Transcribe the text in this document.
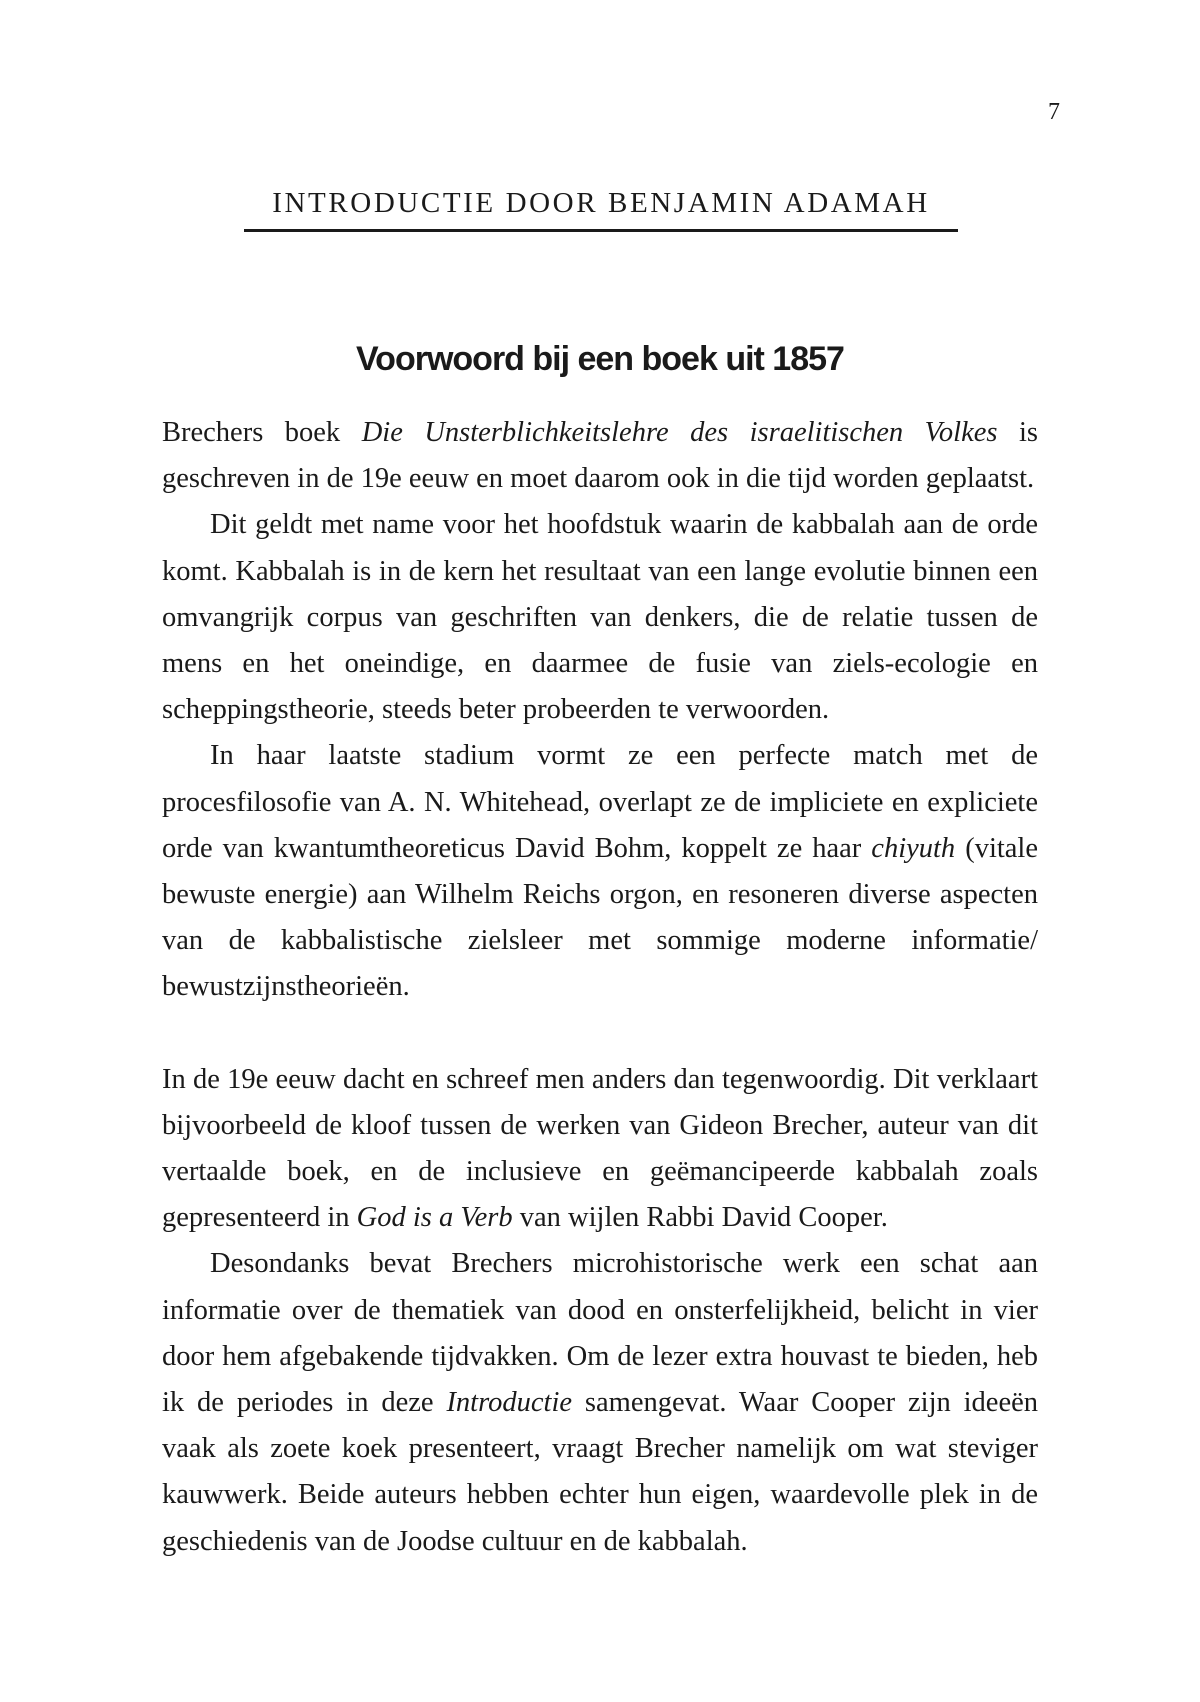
7
INTRODUCTIE DOOR BENJAMIN ADAMAH
Voorwoord bij een boek uit 1857

Brechers boek Die Unsterblichkeitslehre des israelitischen Volkes is geschreven in de 19e eeuw en moet daarom ook in die tijd worden geplaatst.

Dit geldt met name voor het hoofdstuk waarin de kabbalah aan de orde komt. Kabbalah is in de kern het resultaat van een lange evolutie binnen een omvangrijk corpus van geschriften van denkers, die de relatie tussen de mens en het oneindige, en daarmee de fusie van ziels-ecologie en scheppingstheorie, steeds beter probeerden te verwoorden.

In haar laatste stadium vormt ze een perfecte match met de procesfilosofie van A. N. Whitehead, overlapt ze de impliciete en expliciete orde van kwantumtheoreticus David Bohm, koppelt ze haar chiyuth (vitale bewuste energie) aan Wilhelm Reichs orgon, en resoneren diverse aspecten van de kabbalistische zielsleer met sommige moderne informatie/ bewustzijnstheorieën.

In de 19e eeuw dacht en schreef men anders dan tegenwoordig. Dit verklaart bijvoorbeeld de kloof tussen de werken van Gideon Brecher, auteur van dit vertaalde boek, en de inclusieve en geëmancipeerde kabbalah zoals gepresenteerd in God is a Verb van wijlen Rabbi David Cooper.

Desondanks bevat Brechers microhistorische werk een schat aan informatie over de thematiek van dood en onsterfelijkheid, belicht in vier door hem afgebakende tijdvakken. Om de lezer extra houvast te bieden, heb ik de periodes in deze Introductie samengevat. Waar Cooper zijn ideeën vaak als zoete koek presenteert, vraagt Brecher namelijk om wat steviger kauwwerk. Beide auteurs hebben echter hun eigen, waardevolle plek in de geschiedenis van de Joodse cultuur en de kabbalah.
